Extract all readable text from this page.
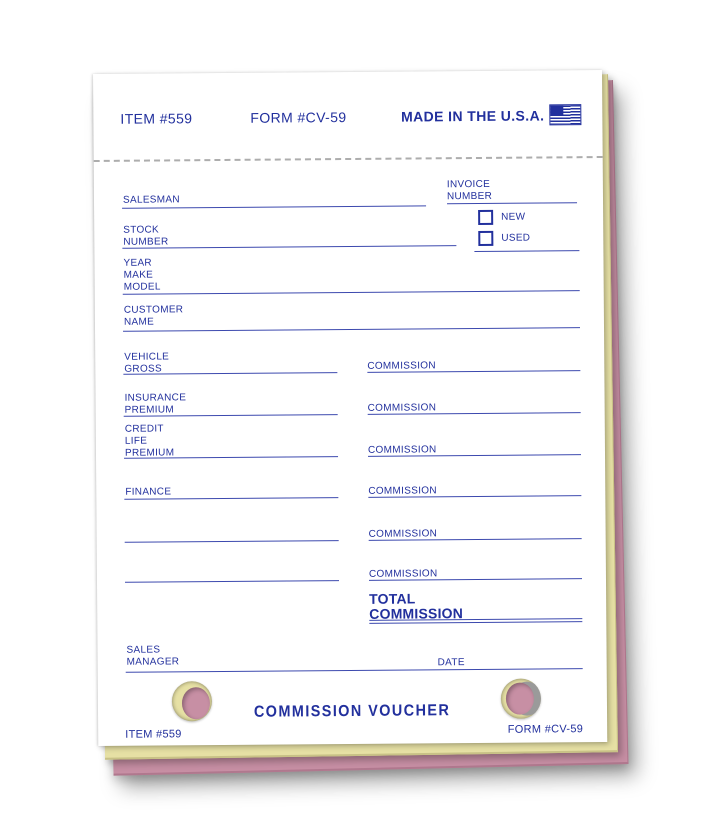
ITEM #559	FORM #CV-59	MADE IN THE U.S.A.
SALESMAN
INVOICE
NUMBER
NEW
USED
STOCK
NUMBER
YEAR
MAKE
MODEL
CUSTOMER
NAME
VEHICLE
GROSS	COMMISSION
INSURANCE
PREMIUM	COMMISSION
CREDIT
LIFE
PREMIUM	COMMISSION
FINANCE	COMMISSION
COMMISSION
COMMISSION
TOTAL
COMMISSION
SALES
MANAGER	DATE
COMMISSION VOUCHER
ITEM #559	FORM #CV-59
